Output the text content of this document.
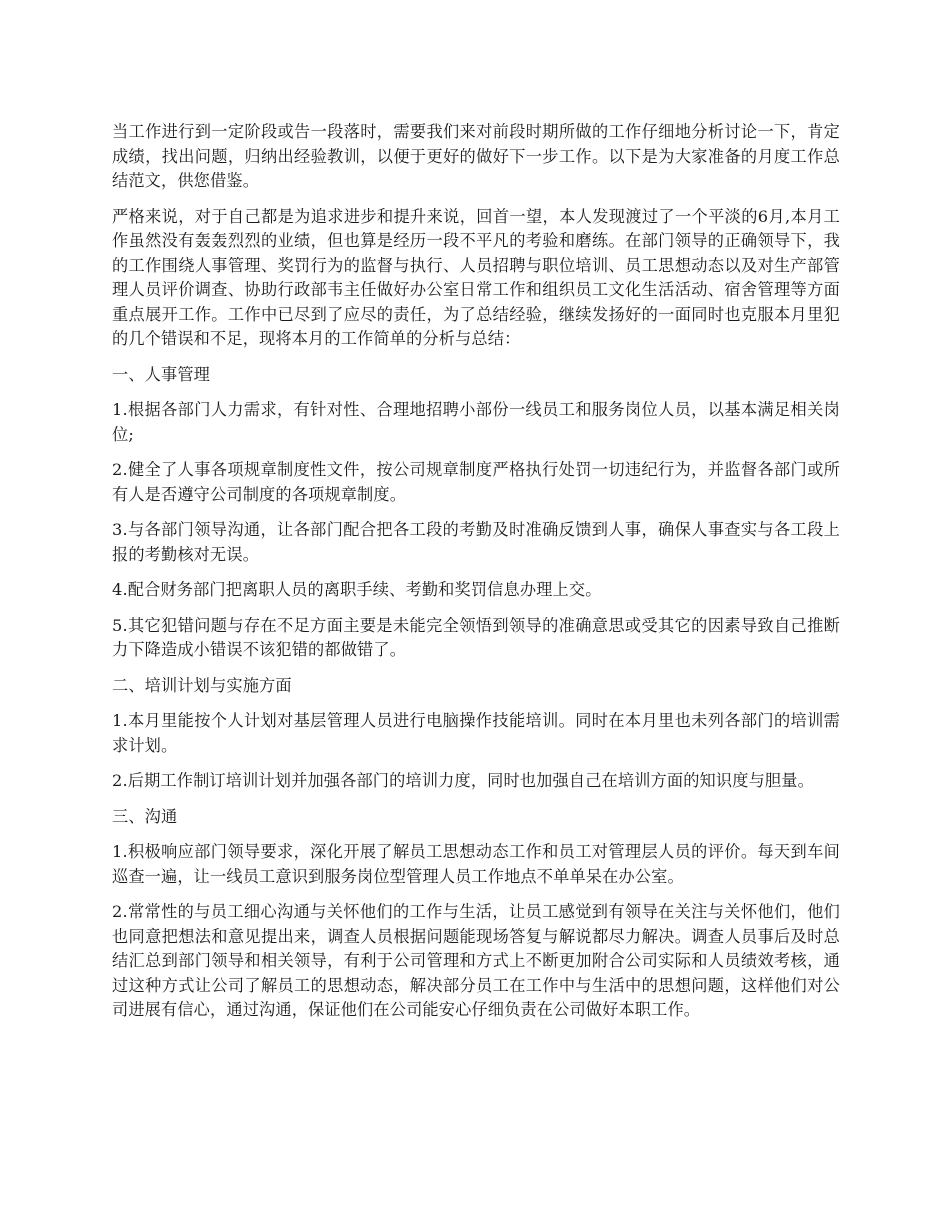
当工作进行到一定阶段或告一段落时，需要我们来对前段时期所做的工作仔细地分析讨论一下，肯定成绩，找出问题，归纳出经验教训，以便于更好的做好下一步工作。以下是为大家准备的月度工作总结范文，供您借鉴。

严格来说，对于自己都是为追求进步和提升来说，回首一望，本人发现渡过了一个平淡的6月,本月工作虽然没有轰轰烈烈的业绩，但也算是经历一段不平凡的考验和磨练。在部门领导的正确领导下，我的工作围绕人事管理、奖罚行为的监督与执行、人员招聘与职位培训、员工思想动态以及对生产部管理人员评价调查、协助行政部韦主任做好办公室日常工作和组织员工文化生活活动、宿舍管理等方面重点展开工作。工作中已尽到了应尽的责任，为了总结经验，继续发扬好的一面同时也克服本月里犯的几个错误和不足，现将本月的工作简单的分析与总结：

一、人事管理

1.根据各部门人力需求，有针对性、合理地招聘小部份一线员工和服务岗位人员，以基本满足相关岗位;

2.健全了人事各项规章制度性文件，按公司规章制度严格执行处罚一切违纪行为，并监督各部门或所有人是否遵守公司制度的各项规章制度。

3.与各部门领导沟通，让各部门配合把各工段的考勤及时准确反馈到人事，确保人事查实与各工段上报的考勤核对无误。

4.配合财务部门把离职人员的离职手续、考勤和奖罚信息办理上交。

5.其它犯错问题与存在不足方面主要是未能完全领悟到领导的准确意思或受其它的因素导致自己推断力下降造成小错误不该犯错的都做错了。

二、培训计划与实施方面

1.本月里能按个人计划对基层管理人员进行电脑操作技能培训。同时在本月里也未列各部门的培训需求计划。

2.后期工作制订培训计划并加强各部门的培训力度，同时也加强自己在培训方面的知识度与胆量。

三、沟通

1.积极响应部门领导要求，深化开展了解员工思想动态工作和员工对管理层人员的评价。每天到车间巡查一遍，让一线员工意识到服务岗位型管理人员工作地点不单单呆在办公室。

2.常常性的与员工细心沟通与关怀他们的工作与生活，让员工感觉到有领导在关注与关怀他们，他们也同意把想法和意见提出来，调查人员根据问题能现场答复与解说都尽力解决。调查人员事后及时总结汇总到部门领导和相关领导，有利于公司管理和方式上不断更加附合公司实际和人员绩效考核，通过这种方式让公司了解员工的思想动态，解决部分员工在工作中与生活中的思想问题，这样他们对公司进展有信心，通过沟通，保证他们在公司能安心仔细负责在公司做好本职工作。
